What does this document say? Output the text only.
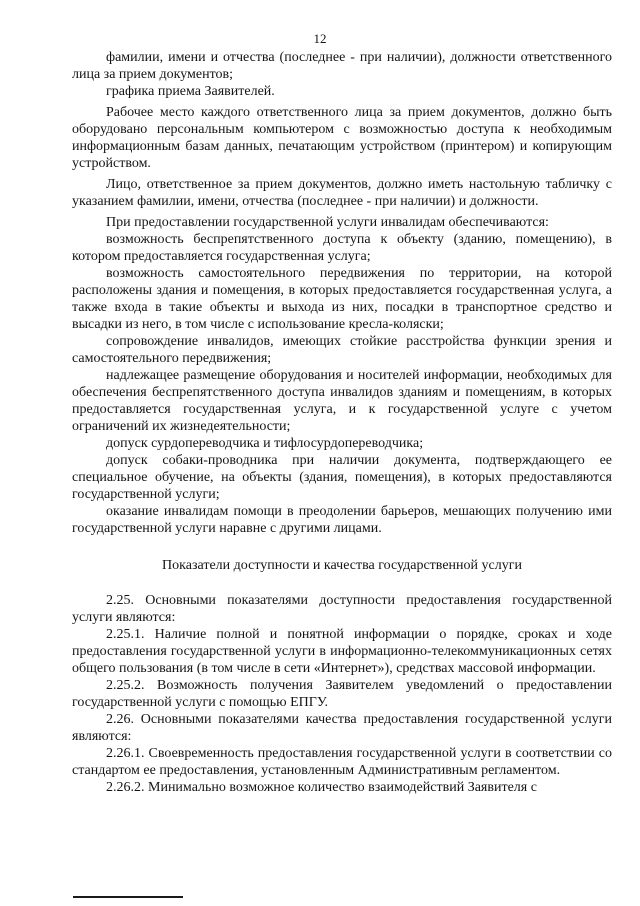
12

фамилии, имени и отчества (последнее - при наличии), должности ответственного лица за прием документов;

графика приема Заявителей.

Рабочее место каждого ответственного лица за прием документов, должно быть оборудовано персональным компьютером с возможностью доступа к необходимым информационным базам данных, печатающим устройством (принтером) и копирующим устройством.

Лицо, ответственное за прием документов, должно иметь настольную табличку с указанием фамилии, имени, отчества (последнее - при наличии) и должности.

При предоставлении государственной услуги инвалидам обеспечиваются:

возможность беспрепятственного доступа к объекту (зданию, помещению), в котором предоставляется государственная услуга;

возможность самостоятельного передвижения по территории, на которой расположены здания и помещения, в которых предоставляется государственная услуга, а также входа в такие объекты и выхода из них, посадки в транспортное средство и высадки из него, в том числе с использование кресла-коляски;

сопровождение инвалидов, имеющих стойкие расстройства функции зрения и самостоятельного передвижения;

надлежащее размещение оборудования и носителей информации, необходимых для обеспечения беспрепятственного доступа инвалидов зданиям и помещениям, в которых предоставляется государственная услуга, и к государственной услуге с учетом ограничений их жизнедеятельности;

допуск сурдопереводчика и тифлосурдопереводчика;

допуск собаки-проводника при наличии документа, подтверждающего ее специальное обучение, на объекты (здания, помещения), в которых предоставляются государственной услуги;

оказание инвалидам помощи в преодолении барьеров, мешающих получению ими государственной услуги наравне с другими лицами.

Показатели доступности и качества государственной услуги

2.25. Основными показателями доступности предоставления государственной услуги являются:

2.25.1. Наличие полной и понятной информации о порядке, сроках и ходе предоставления государственной услуги в информационно-телекоммуникационных сетях общего пользования (в том числе в сети «Интернет»), средствах массовой информации.

2.25.2. Возможность получения Заявителем уведомлений о предоставлении государственной услуги с помощью ЕПГУ.

2.26. Основными показателями качества предоставления государственной услуги являются:

2.26.1. Своевременность предоставления государственной услуги в соответствии со стандартом ее предоставления, установленным Административным регламентом.

2.26.2. Минимально возможное количество взаимодействий Заявителя с
